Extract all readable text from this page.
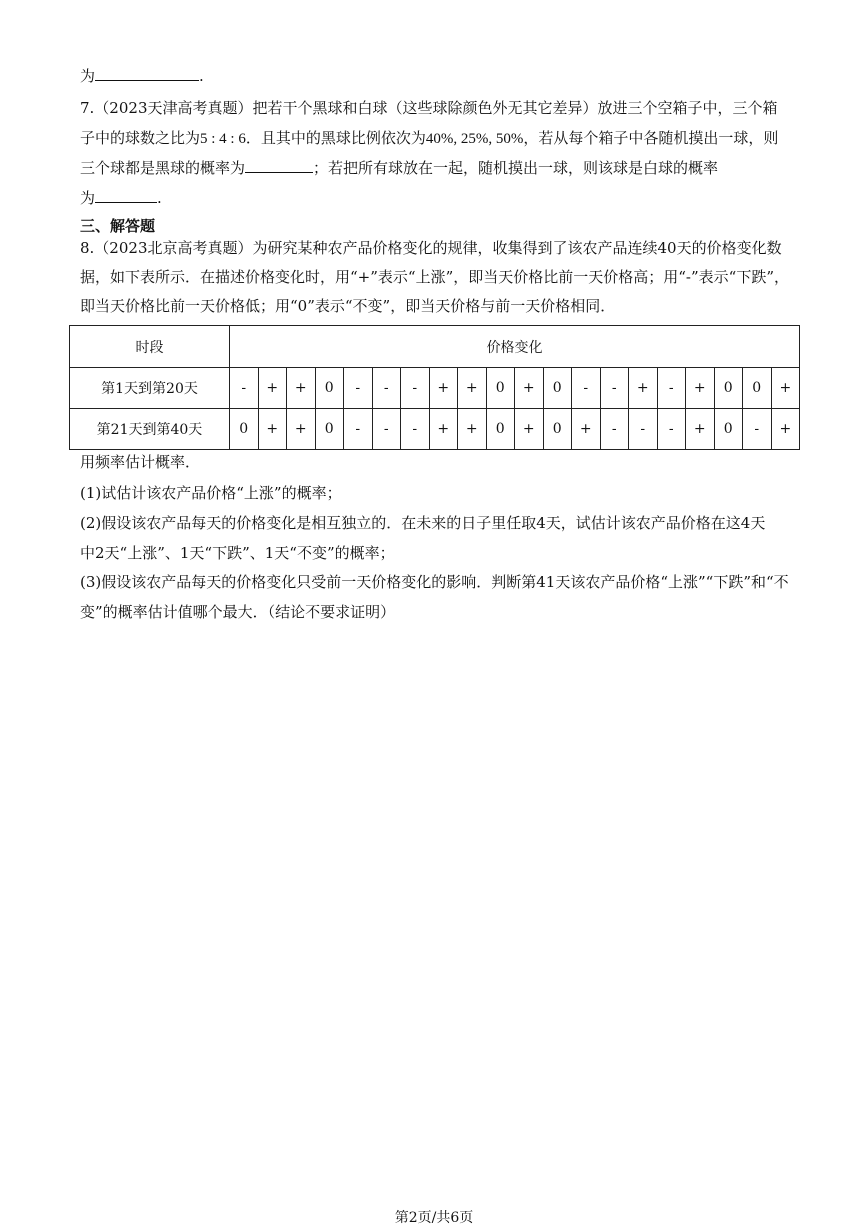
为	.
7.（2023天津高考真题）把若干个黑球和白球（这些球除颜色外无其它差异）放进三个空箱子中，三个箱
子中的球数之比为5 : 4 : 6．且其中的黑球比例依次为40%, 25%, 50%，若从每个箱子中各随机摸出一球，则
三个球都是黑球的概率为	；若把所有球放在一起，随机摸出一球，则该球是白球的概率
为	.
三、解答题
8.（2023北京高考真题）为研究某种农产品价格变化的规律，收集得到了该农产品连续40天的价格变化数
据，如下表所示．在描述价格变化时，用“+”表示“上涨”，即当天价格比前一天价格高；用“-”表示“下跌”，
即当天价格比前一天价格低；用“0”表示“不变”，即当天价格与前一天价格相同．
时段	价格变化																			
第1天到第20天	-	+	+	0	-	-	-	+	+	0	+	0	-	-	+	-	+	0	0	+
第21天到第40天	0	+	+	0	-	-	-	+	+	0	+	0	+	-	-	-	+	0	-	+
用频率估计概率．
(1)试估计该农产品价格“上涨”的概率；
(2)假设该农产品每天的价格变化是相互独立的．在未来的日子里任取4天，试估计该农产品价格在这4天
中2天“上涨”、1天“下跌”、1天“不变”的概率；
(3)假设该农产品每天的价格变化只受前一天价格变化的影响．判断第41天该农产品价格“上涨”“下跌”和“不
变”的概率估计值哪个最大．（结论不要求证明）
第2页/共6页
